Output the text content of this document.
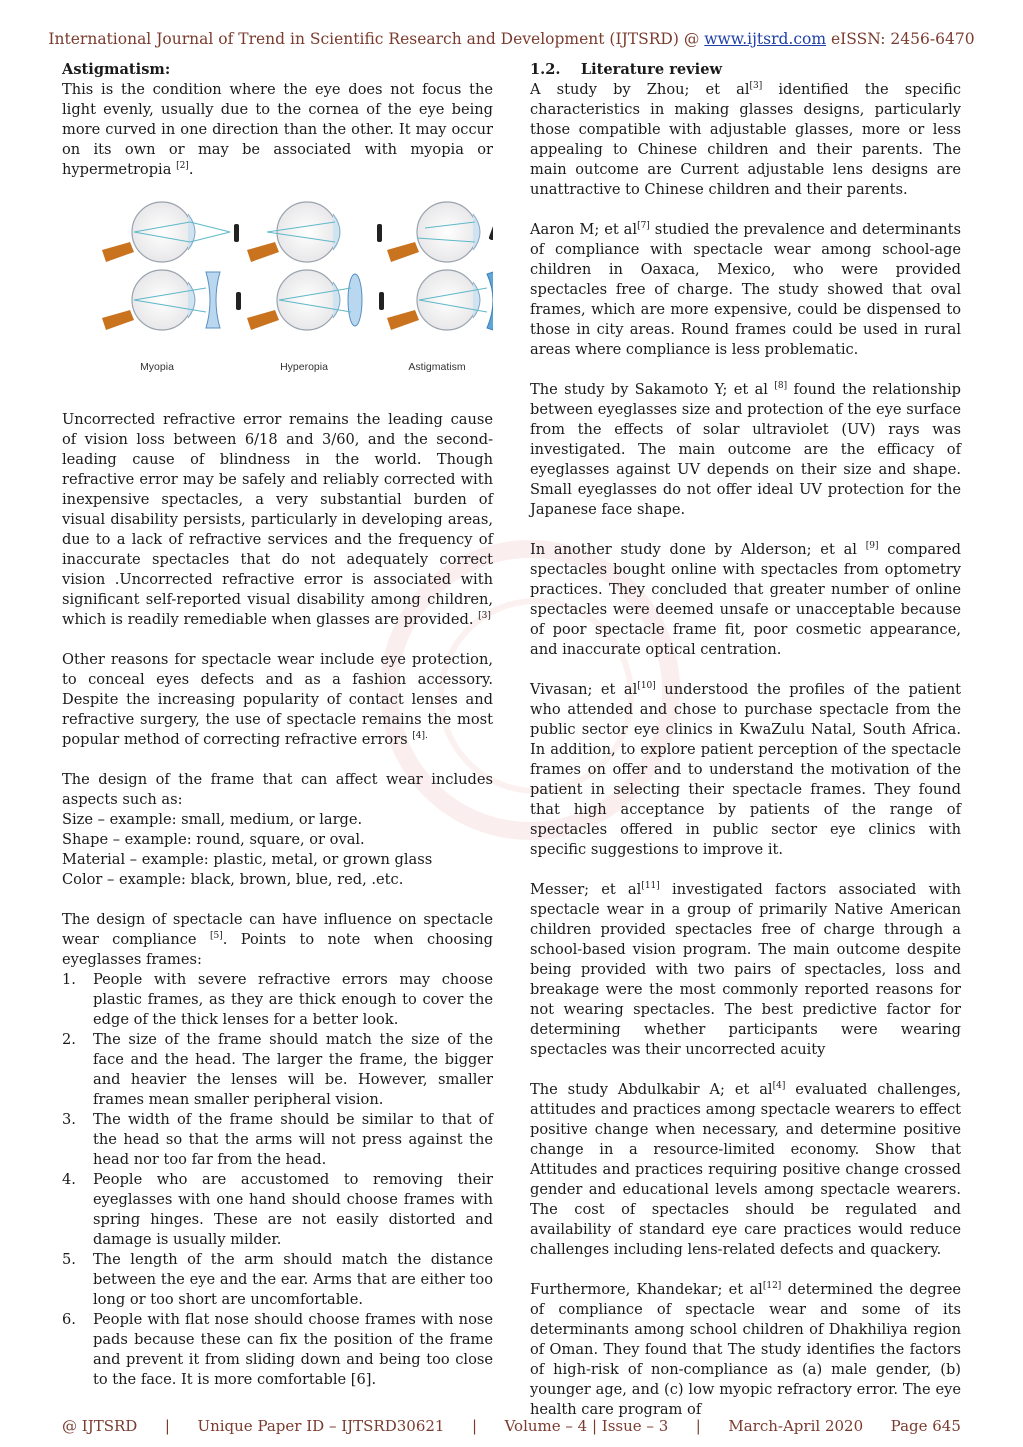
International Journal of Trend in Scientific Research and Development (IJTSRD) @ www.ijtsrd.com eISSN: 2456-6470
Astigmatism:

This is the condition where the eye does not focus the light evenly, usually due to the cornea of the eye being more curved in one direction than the other. It may occur on its own or may be associated with myopia or hypermetropia [2].

Myopia	Hyperopia	Astigmatism

Uncorrected refractive error remains the leading cause of vision loss between 6/18 and 3/60, and the second-leading cause of blindness in the world. Though refractive error may be safely and reliably corrected with inexpensive spectacles, a very substantial burden of visual disability persists, particularly in developing areas, due to a lack of refractive services and the frequency of inaccurate spectacles that do not adequately correct vision .Uncorrected refractive error is associated with significant self-reported visual disability among children, which is readily remediable when glasses are provided. [3]

Other reasons for spectacle wear include eye protection, to conceal eyes defects and as a fashion accessory. Despite the increasing popularity of contact lenses and refractive surgery, the use of spectacle remains the most popular method of correcting refractive errors $^{[4].}$

The design of the frame that can affect wear includes aspects such as:
Size – example: small, medium, or large.
Shape – example: round, square, or oval.
Material – example: plastic, metal, or grown glass
Color – example: black, brown, blue, red, .etc.
The design of spectacle can have influence on spectacle wear compliance [5]. Points to note when choosing eyeglasses frames:
1. People with severe refractive errors may choose plastic frames, as they are thick enough to cover the edge of the thick lenses for a better look.
2. The size of the frame should match the size of the face and the head. The larger the frame, the bigger and heavier the lenses will be. However, smaller frames mean smaller peripheral vision.
3. The width of the frame should be similar to that of the head so that the arms will not press against the head nor too far from the head.
4. People who are accustomed to removing their eyeglasses with one hand should choose frames with spring hinges. These are not easily distorted and damage is usually milder.
5. The length of the arm should match the distance between the eye and the ear. Arms that are either too long or too short are uncomfortable.
6. People with flat nose should choose frames with nose pads because these can fix the position of the frame and prevent it from sliding down and being too close to the face. It is more comfortable [6].
1.2. Literature review

A study by Zhou; et al[3] identified the specific characteristics in making glasses designs, particularly those compatible with adjustable glasses, more or less appealing to Chinese children and their parents. The main outcome are Current adjustable lens designs are unattractive to Chinese children and their parents.

Aaron M; et al[7] studied the prevalence and determinants of compliance with spectacle wear among school-age children in Oaxaca, Mexico, who were provided spectacles free of charge. The study showed that oval frames, which are more expensive, could be dispensed to those in city areas. Round frames could be used in rural areas where compliance is less problematic.

The study by Sakamoto Y; et al [8] found the relationship between eyeglasses size and protection of the eye surface from the effects of solar ultraviolet (UV) rays was investigated. The main outcome are the efficacy of eyeglasses against UV depends on their size and shape. Small eyeglasses do not offer ideal UV protection for the Japanese face shape.

In another study done by Alderson; et al [9] compared spectacles bought online with spectacles from optometry practices. They concluded that greater number of online spectacles were deemed unsafe or unacceptable because of poor spectacle frame fit, poor cosmetic appearance, and inaccurate optical centration.

Vivasan; et al[10] understood the profiles of the patient who attended and chose to purchase spectacle from the public sector eye clinics in KwaZulu Natal, South Africa. In addition, to explore patient perception of the spectacle frames on offer and to understand the motivation of the patient in selecting their spectacle frames. They found that high acceptance by patients of the range of spectacles offered in public sector eye clinics with specific suggestions to improve it.

Messer; et al[11] investigated factors associated with spectacle wear in a group of primarily Native American children provided spectacles free of charge through a school-based vision program. The main outcome despite being provided with two pairs of spectacles, loss and breakage were the most commonly reported reasons for not wearing spectacles. The best predictive factor for determining whether participants were wearing spectacles was their uncorrected acuity

The study Abdulkabir A; et al[4] evaluated challenges, attitudes and practices among spectacle wearers to effect positive change when necessary, and determine positive change in a resource-limited economy. Show that Attitudes and practices requiring positive change crossed gender and educational levels among spectacle wearers. The cost of spectacles should be regulated and availability of standard eye care practices would reduce challenges including lens-related defects and quackery.

Furthermore, Khandekar; et al[12] determined the degree of compliance of spectacle wear and some of its determinants among school children of Dhakhiliya region of Oman. They found that The study identifies the factors of high-risk of non-compliance as (a) male gender, (b) younger age, and (c) low myopic refractory error. The eye health care program of

@ IJTSRD | Unique Paper ID – IJTSRD30621 | Volume – 4 | Issue – 3 | March-April 2020 Page 645
